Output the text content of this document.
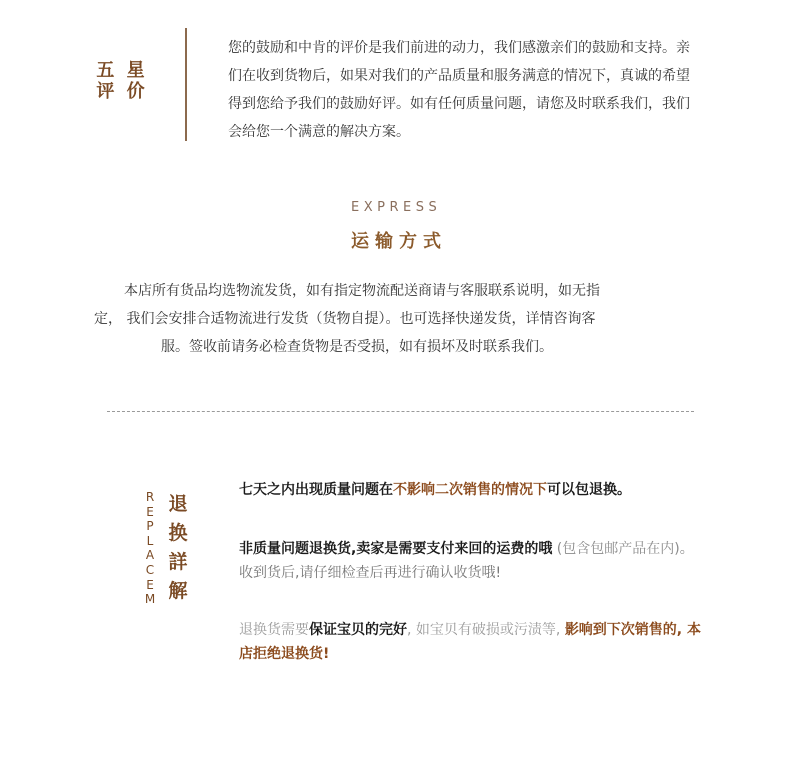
五 星
评 价
您的鼓励和中肯的评价是我们前进的动力，我们感激亲们的鼓励和支持。亲们在收到货物后，如果对我们的产品质量和服务满意的情况下，真诚的希望得到您给予我们的鼓励好评。如有任何质量问题，请您及时联系我们，我们会给您一个满意的解决方案。
EXPRESS
运输方式

本店所有货品均选物流发货，如有指定物流配送商请与客服联系说明，如无指

定， 我们会安排合适物流进行发货（货物自提）。也可选择快递发货，详情咨询客

服。签收前请务必检查货物是否受损，如有损坏及时联系我们。

R
E
P
L
A
C
E
M
退
换
詳
解
七天之内出现质量问题在不影响二次销售的情况下可以包退换。
非质量问题退换货,卖家是需要支付来回的运费的哦 (包含包邮产品在内)。收到货后,请仔细检查后再进行确认收货哦!
退换货需要保证宝贝的完好, 如宝贝有破损或污渍等, 影响到下次销售的, 本店拒绝退换货!
